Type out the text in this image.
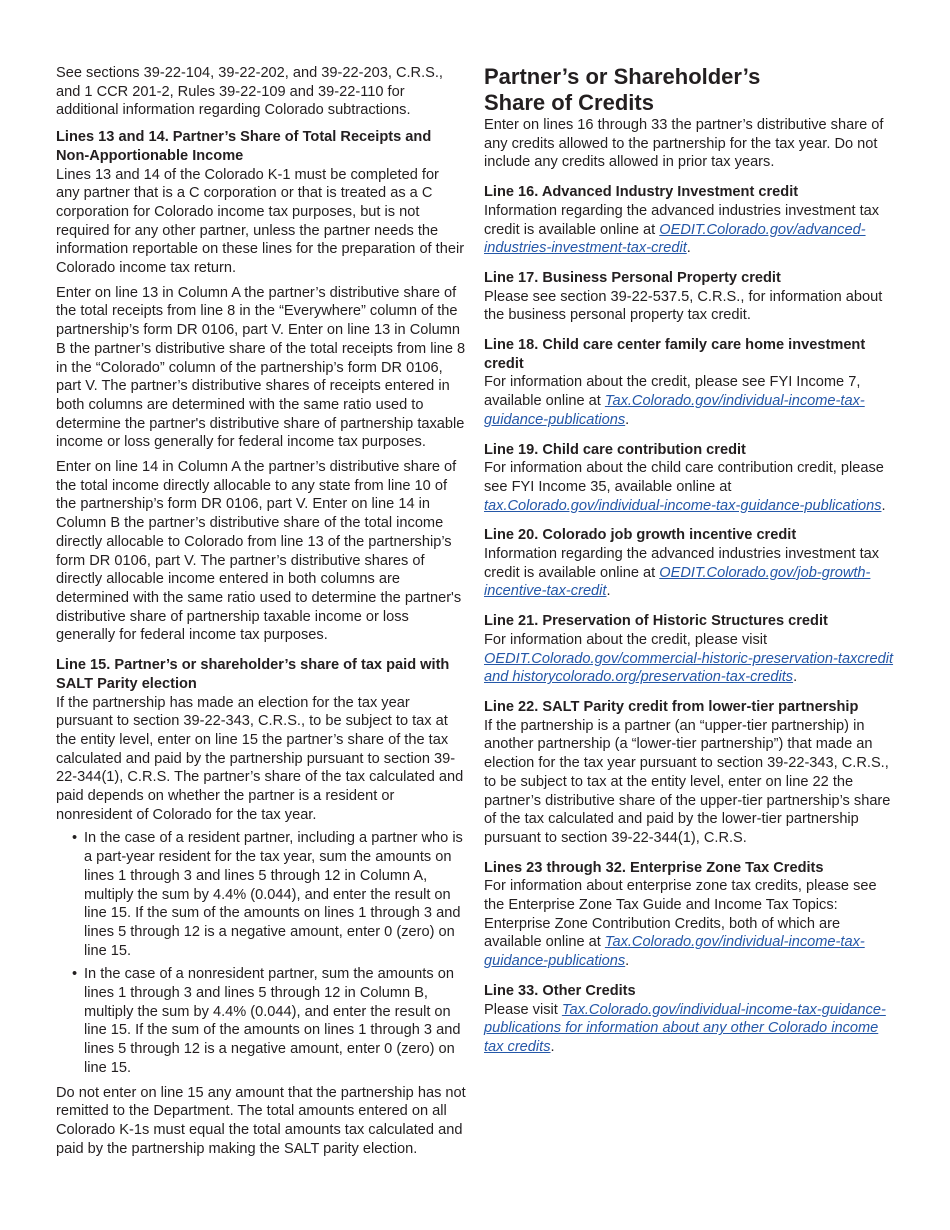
See sections 39-22-104, 39-22-202, and 39-22-203, C.R.S., and 1 CCR 201-2, Rules 39-22-109 and 39-22-110 for additional information regarding Colorado subtractions.

Lines 13 and 14. Partner’s Share of Total Receipts and Non-Apportionable Income

Lines 13 and 14 of the Colorado K-1 must be completed for any partner that is a C corporation or that is treated as a C corporation for Colorado income tax purposes, but is not required for any other partner, unless the partner needs the information reportable on these lines for the preparation of their Colorado income tax return.

Enter on line 13 in Column A the partner’s distributive share of the total receipts from line 8 in the “Everywhere” column of the partnership’s form DR 0106, part V. Enter on line 13 in Column B the partner’s distributive share of the total receipts from line 8 in the “Colorado” column of the partnership’s form DR 0106, part V. The partner’s distributive shares of receipts entered in both columns are determined with the same ratio used to determine the partner's distributive share of partnership taxable income or loss generally for federal income tax purposes.

Enter on line 14 in Column A the partner’s distributive share of the total income directly allocable to any state from line 10 of the partnership’s form DR 0106, part V. Enter on line 14 in Column B the partner’s distributive share of the total income directly allocable to Colorado from line 13 of the partnership’s form DR 0106, part V. The partner’s distributive shares of directly allocable income entered in both columns are determined with the same ratio used to determine the partner's distributive share of partnership taxable income or loss generally for federal income tax purposes.

Line 15. Partner’s or shareholder’s share of tax paid with SALT Parity election

If the partnership has made an election for the tax year pursuant to section 39-22-343, C.R.S., to be subject to tax at the entity level, enter on line 15 the partner’s share of the tax calculated and paid by the partnership pursuant to section 39-22-344(1), C.R.S. The partner’s share of the tax calculated and paid depends on whether the partner is a resident or nonresident of Colorado for the tax year.

• In the case of a resident partner, including a partner who is a part-year resident for the tax year, sum the amounts on lines 1 through 3 and lines 5 through 12 in Column A, multiply the sum by 4.4% (0.044), and enter the result on line 15. If the sum of the amounts on lines 1 through 3 and lines 5 through 12 is a negative amount, enter 0 (zero) on line 15.
• In the case of a nonresident partner, sum the amounts on lines 1 through 3 and lines 5 through 12 in Column B, multiply the sum by 4.4% (0.044), and enter the result on line 15. If the sum of the amounts on lines 1 through 3 and lines 5 through 12 is a negative amount, enter 0 (zero) on line 15.

Do not enter on line 15 any amount that the partnership has not remitted to the Department. The total amounts entered on all Colorado K-1s must equal the total amounts tax calculated and paid by the partnership making the SALT parity election.

Partner’s or Shareholder’s
Share of Credits

Enter on lines 16 through 33 the partner’s distributive share of any credits allowed to the partnership for the tax year. Do not include any credits allowed in prior tax years.

Line 16. Advanced Industry Investment credit

Information regarding the advanced industries investment tax credit is available online at OEDIT.Colorado.gov/advanced-industries-investment-tax-credit.

Line 17. Business Personal Property credit

Please see section 39-22-537.5, C.R.S., for information about the business personal property tax credit.

Line 18. Child care center family care home investment credit

For information about the credit, please see FYI Income 7, available online at Tax.Colorado.gov/individual-income-tax-guidance-publications.

Line 19. Child care contribution credit

For information about the child care contribution credit, please see FYI Income 35, available online at tax.Colorado.gov/individual-income-tax-guidance-publications.

Line 20. Colorado job growth incentive credit

Information regarding the advanced industries investment tax credit is available online at OEDIT.Colorado.gov/job-growth-incentive-tax-credit.

Line 21. Preservation of Historic Structures credit

For information about the credit, please visit OEDIT.Colorado.gov/commercial-historic-preservation-taxcredit and historycolorado.org/preservation-tax-credits.

Line 22. SALT Parity credit from lower-tier partnership

If the partnership is a partner (an “upper-tier partnership) in another partnership (a “lower-tier partnership”) that made an election for the tax year pursuant to section 39-22-343, C.R.S., to be subject to tax at the entity level, enter on line 22 the partner’s distributive share of the upper-tier partnership’s share of the tax calculated and paid by the lower-tier partnership pursuant to section 39-22-344(1), C.R.S.

Lines 23 through 32. Enterprise Zone Tax Credits

For information about enterprise zone tax credits, please see the Enterprise Zone Tax Guide and Income Tax Topics: Enterprise Zone Contribution Credits, both of which are available online at Tax.Colorado.gov/individual-income-tax-guidance-publications.

Line 33. Other Credits

Please visit Tax.Colorado.gov/individual-income-tax-guidance-publications for information about any other Colorado income tax credits.
